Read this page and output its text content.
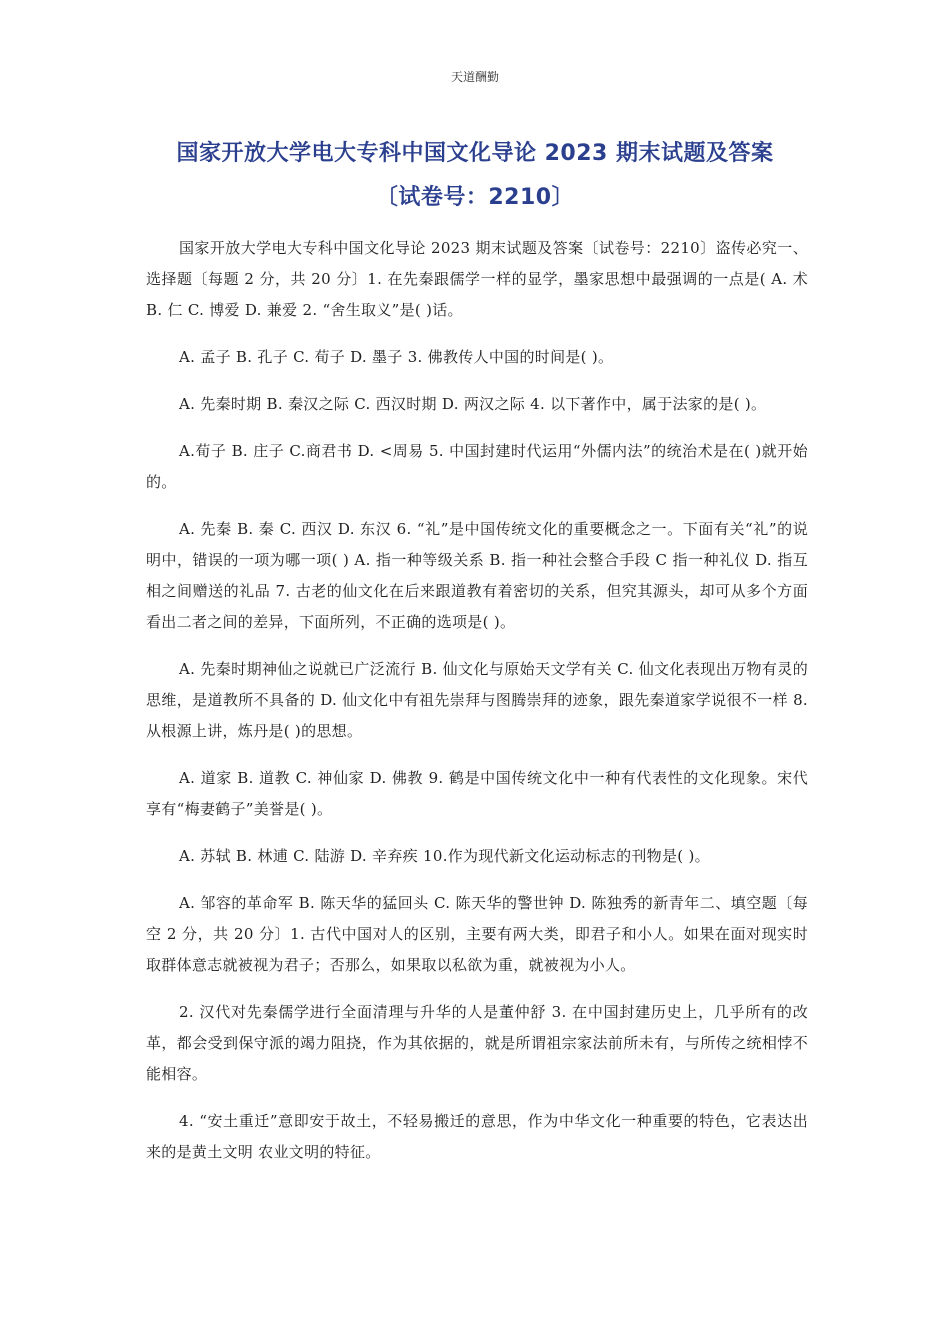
天道酬勤
国家开放大学电大专科中国文化导论 2023 期末试题及答案
〔试卷号：2210〕

国家开放大学电大专科中国文化导论 2023 期末试题及答案〔试卷号：2210〕盗传必究一、选择题〔每题 2 分，共 20 分〕1. 在先秦跟儒学一样的显学，墨家思想中最强调的一点是( A. 术 B. 仁 C. 博爱 D. 兼爱 2. “舍生取义”是( )话。

A. 孟子 B. 孔子 C. 荀子 D. 墨子 3. 佛教传人中国的时间是( )。

A. 先秦时期 B. 秦汉之际 C. 西汉时期 D. 两汉之际 4. 以下著作中，属于法家的是( )。

A.荀子 B. 庄子 C.商君书 D. <周易 5. 中国封建时代运用“外儒内法”的统治术是在( )就开始的。

A. 先秦 B. 秦 C. 西汉 D. 东汉 6. “礼”是中国传统文化的重要概念之一。下面有关“礼”的说明中，错误的一项为哪一项( ) A. 指一种等级关系 B. 指一种社会整合手段 C 指一种礼仪 D. 指互相之间赠送的礼品 7. 古老的仙文化在后来跟道教有着密切的关系，但究其源头，却可从多个方面看出二者之间的差异，下面所列，不正确的选项是( )。

A. 先秦时期神仙之说就已广泛流行 B. 仙文化与原始天文学有关 C. 仙文化表现出万物有灵的思维，是道教所不具备的 D. 仙文化中有祖先崇拜与图腾崇拜的迹象，跟先秦道家学说很不一样 8. 从根源上讲，炼丹是( )的思想。

A. 道家 B. 道教 C. 神仙家 D. 佛教 9. 鹤是中国传统文化中一种有代表性的文化现象。宋代享有“梅妻鹤子”美誉是( )。

A. 苏轼 B. 林逋 C. 陆游 D. 辛弃疾 10.作为现代新文化运动标志的刊物是( )。

A. 邹容的革命军 B. 陈天华的猛回头 C. 陈天华的警世钟 D. 陈独秀的新青年二、填空题〔每空 2 分，共 20 分〕1. 古代中国对人的区别，主要有两大类，即君子和小人。如果在面对现实时取群体意志就被视为君子；否那么，如果取以私欲为重，就被视为小人。

2. 汉代对先秦儒学进行全面清理与升华的人是董仲舒 3. 在中国封建历史上，几乎所有的改革，都会受到保守派的竭力阻挠，作为其依据的，就是所谓祖宗家法前所未有，与所传之统相悖不能相容。

4. “安土重迁”意即安于故土，不轻易搬迁的意思，作为中华文化一种重要的特色，它表达出来的是黄土文明 农业文明的特征。
